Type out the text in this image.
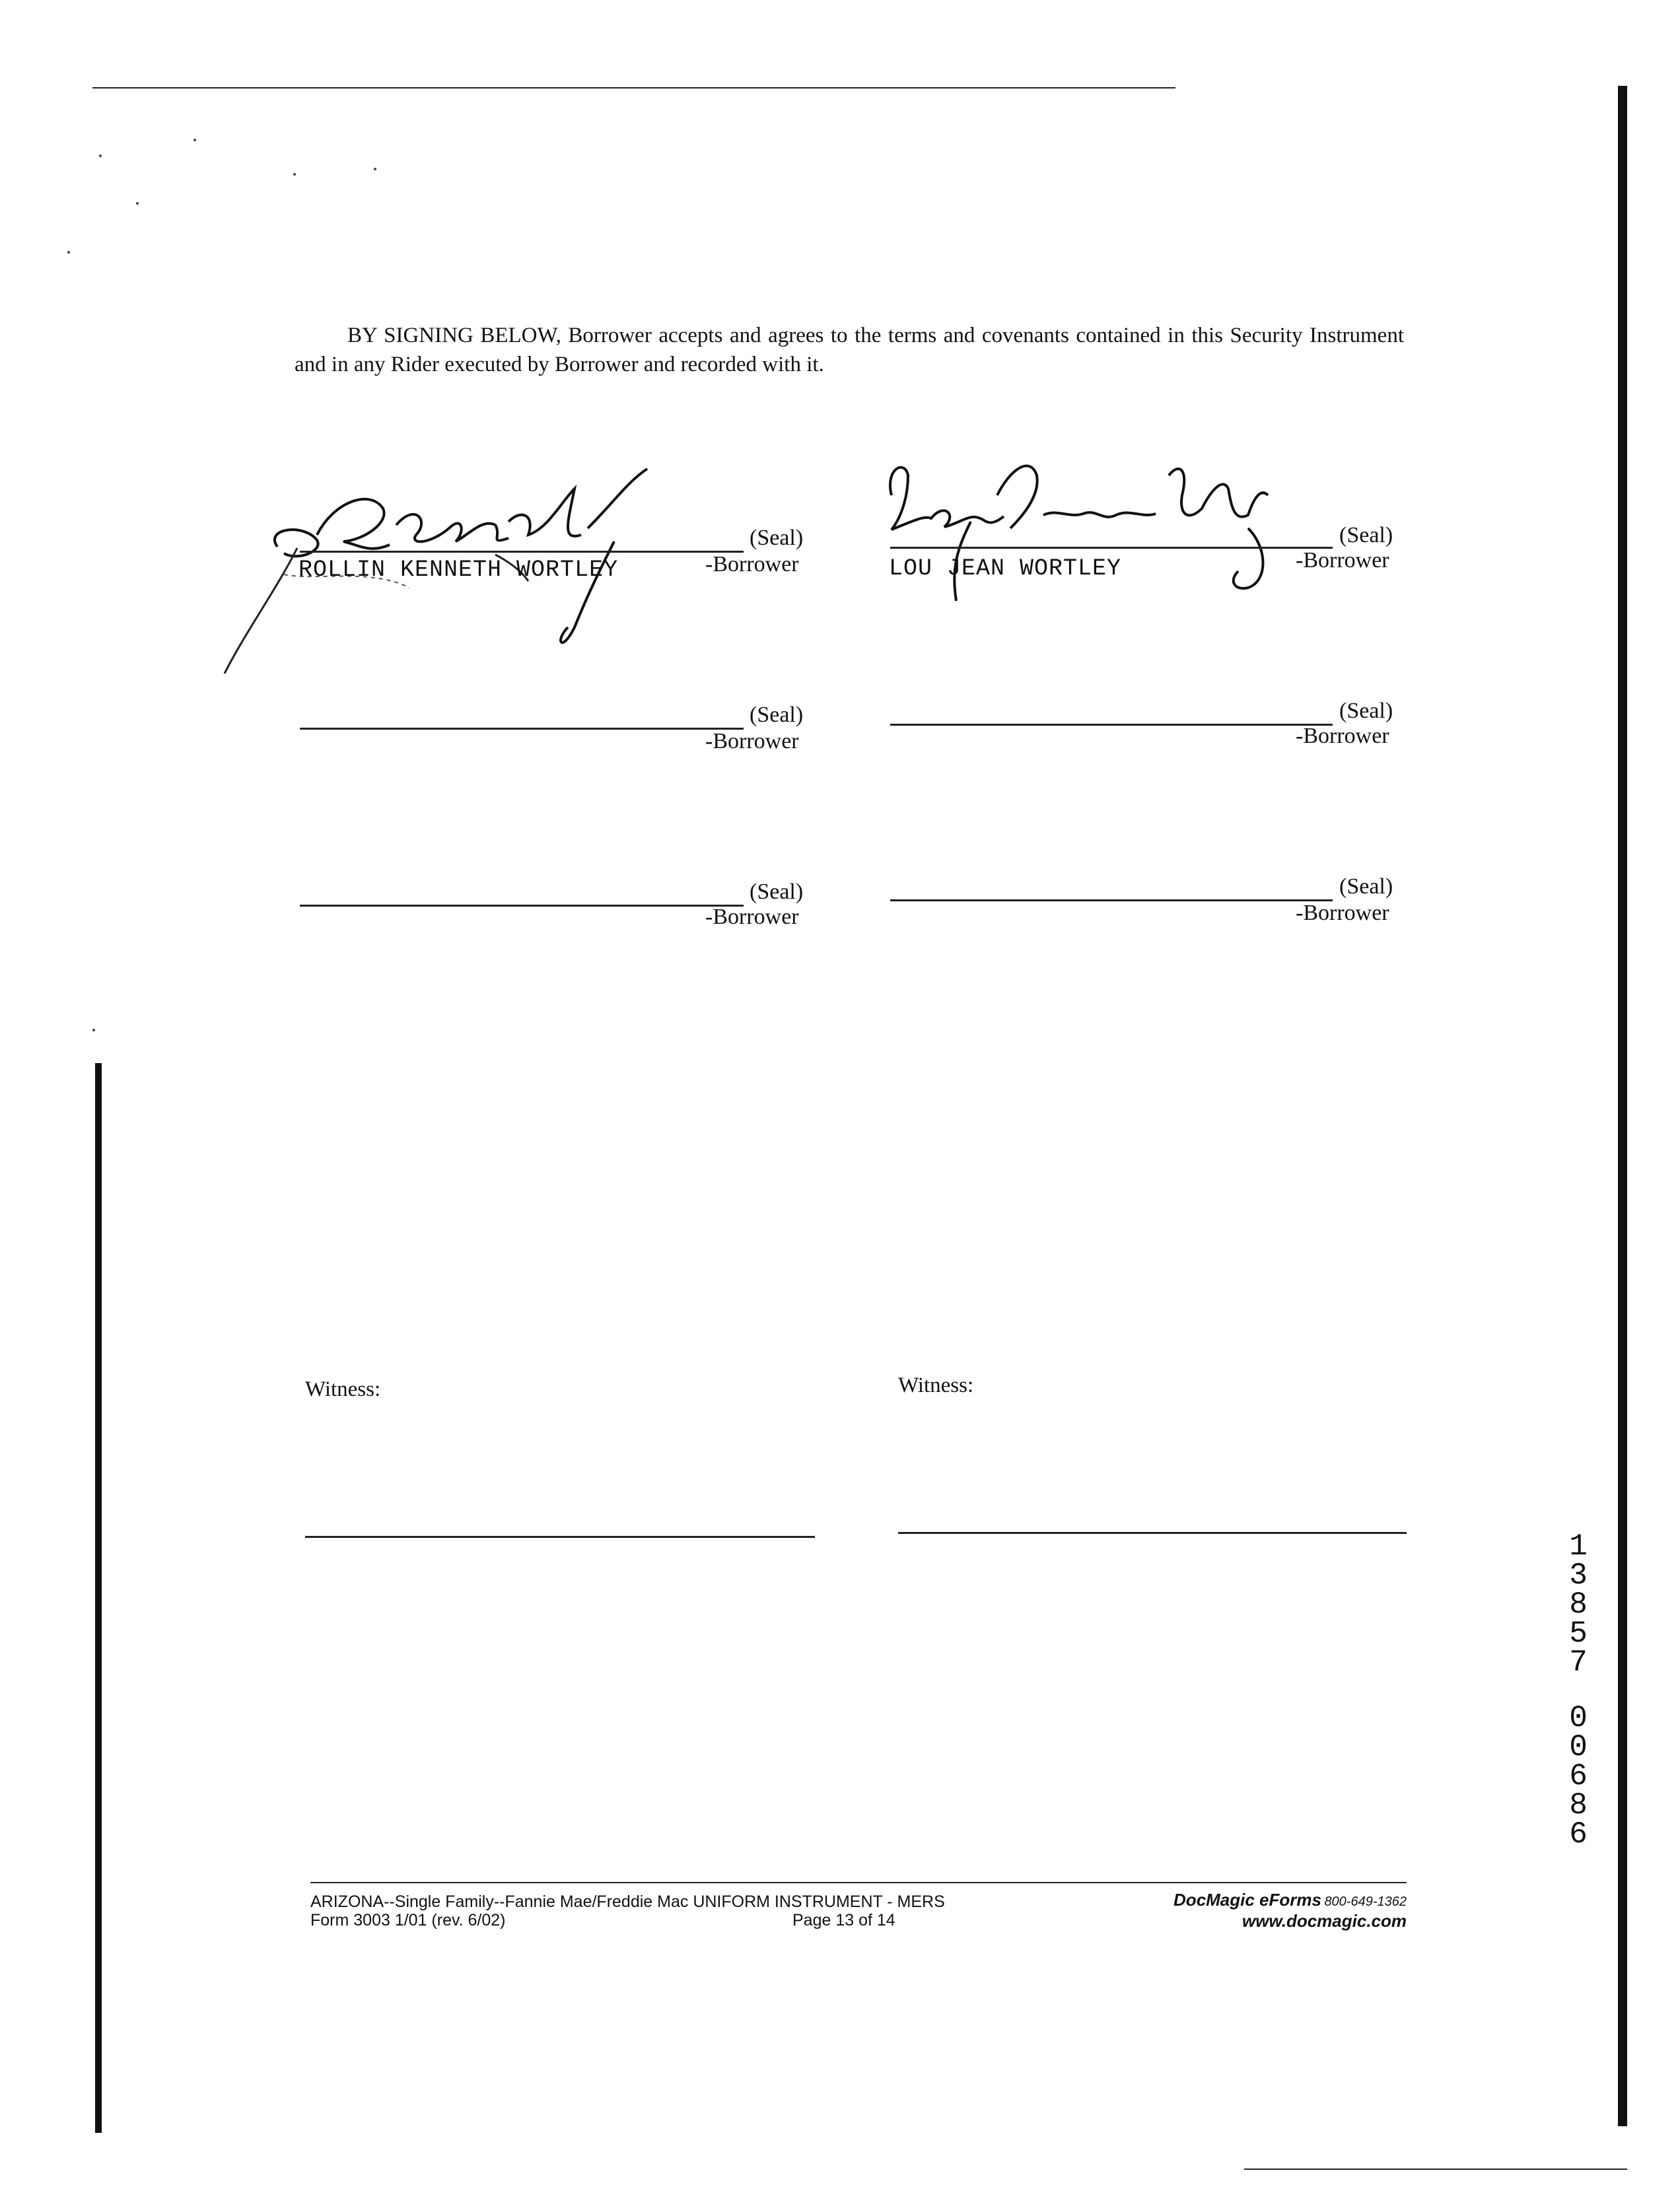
BY SIGNING BELOW, Borrower accepts and agrees to the terms and covenants contained in this Security Instrument and in any Rider executed by Borrower and recorded with it.
(Seal)
-Borrower
ROLLIN KENNETH WORTLEY
(Seal)
-Borrower
LOU JEAN WORTLEY
(Seal)
-Borrower
(Seal)
-Borrower
(Seal)
-Borrower
(Seal)
-Borrower
Witness:	Witness:
1
3
8
5
7
0
0
6
8
6
ARIZONA--Single Family--Fannie Mae/Freddie Mac UNIFORM INSTRUMENT - MERS
Form 3003 1/01 (rev. 6/02)	Page 13 of 14
DocMagic eForms 800-649-1362
www.docmagic.com
